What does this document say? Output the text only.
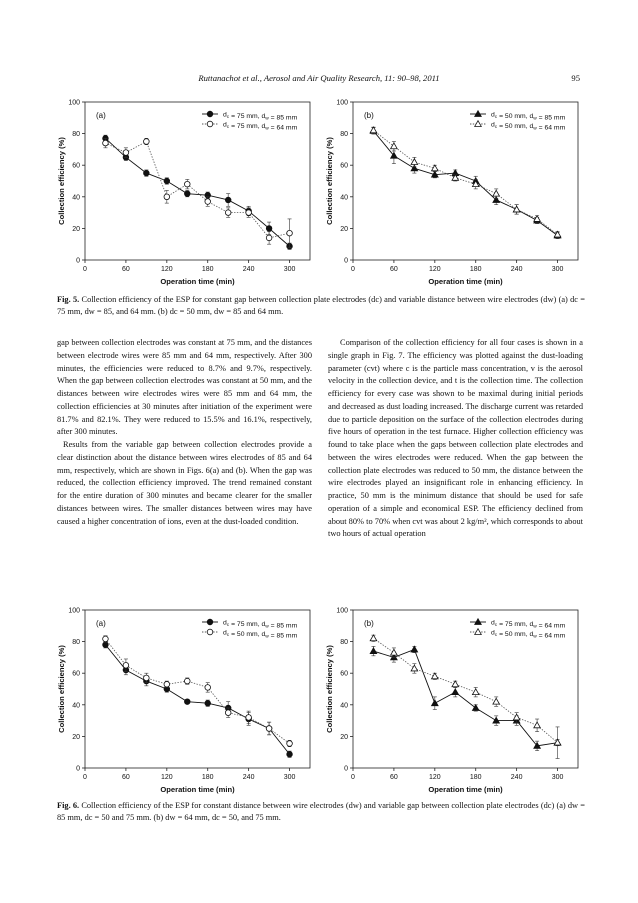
Ruttanachot et al., Aerosol and Air Quality Research, 11: 90–98, 2011	95
0
20
40
60
80
100
0	60	120	180	240	300
Operation time (min)
Collection efficiency (%)
(a)	$d_c = 75$ mm, $d_w = 85$ mm
$d_c = 75$ mm, $d_w = 64$ mm
0
20
40
60
80
100
0	60	120	180	240	300
Operation time (min)
Collection efficiency (%)
(b)	$d_c = 50$ mm, $d_w = 85$ mm
$d_c = 50$ mm, $d_w = 64$ mm
Fig. 5. Collection efficiency of the ESP for constant gap between collection plate electrodes (dc) and variable distance between wire electrodes (dw) (a) dc = 75 mm, dw = 85, and 64 mm. (b) dc = 50 mm, dw = 85 and 64 mm.

gap between collection electrodes was constant at 75 mm, and the distances between electrode wires were 85 mm and 64 mm, respectively. After 300 minutes, the efficiencies were reduced to 8.7% and 9.7%, respectively. When the gap between collection electrodes was constant at 50 mm, and the distances between wire electrodes wires were 85 mm and 64 mm, the collection efficiencies at 30 minutes after initiation of the experiment were 81.7% and 82.1%. They were reduced to 15.5% and 16.1%, respectively, after 300 minutes.

Results from the variable gap between collection electrodes provide a clear distinction about the distance between wires electrodes of 85 and 64 mm, respectively, which are shown in Figs. 6(a) and (b). When the gap was reduced, the collection efficiency improved. The trend remained constant for the entire duration of 300 minutes and became clearer for the smaller distances between wires. The smaller distances between wires may have caused a higher concentration of ions, even at the dust-loaded condition.

Comparison of the collection efficiency for all four cases is shown in a single graph in Fig. 7. The efficiency was plotted against the dust-loading parameter (cvt) where c is the particle mass concentration, v is the aerosol velocity in the collection device, and t is the collection time. The collection efficiency for every case was shown to be maximal during initial periods and decreased as dust loading increased. The discharge current was retarded due to particle deposition on the surface of the collection electrodes during five hours of operation in the test furnace. Higher collection efficiency was found to take place when the gaps between collection plate electrodes and between the wires electrodes were reduced. When the gap between the collection plate electrodes was reduced to 50 mm, the distance between the wire electrodes played an insignificant role in enhancing efficiency. In practice, 50 mm is the minimum distance that should be used for safe operation of a simple and economical ESP. The efficiency declined from about 80% to 70% when cvt was about 2 kg/m², which corresponds to about two hours of actual operation

0
20
40
60
80
100
0	60	120	180	240	300
Operation time (min)
Collection efficiency (%)
(a)	$d_c = 75$ mm, $d_w = 85$ mm
$d_c = 50$ mm, $d_w = 85$ mm
0
20
40
60
80
100
0	60	120	180	240	300
Operation time (min)
Collection efficiency (%)
(b)	$d_c = 75$ mm, $d_w = 64$ mm
$d_c = 50$ mm, $d_w = 64$ mm
Fig. 6. Collection efficiency of the ESP for constant distance between wire electrodes (dw) and variable gap between collection plate electrodes (dc) (a) dw = 85 mm, dc = 50 and 75 mm. (b) dw = 64 mm, dc = 50, and 75 mm.
